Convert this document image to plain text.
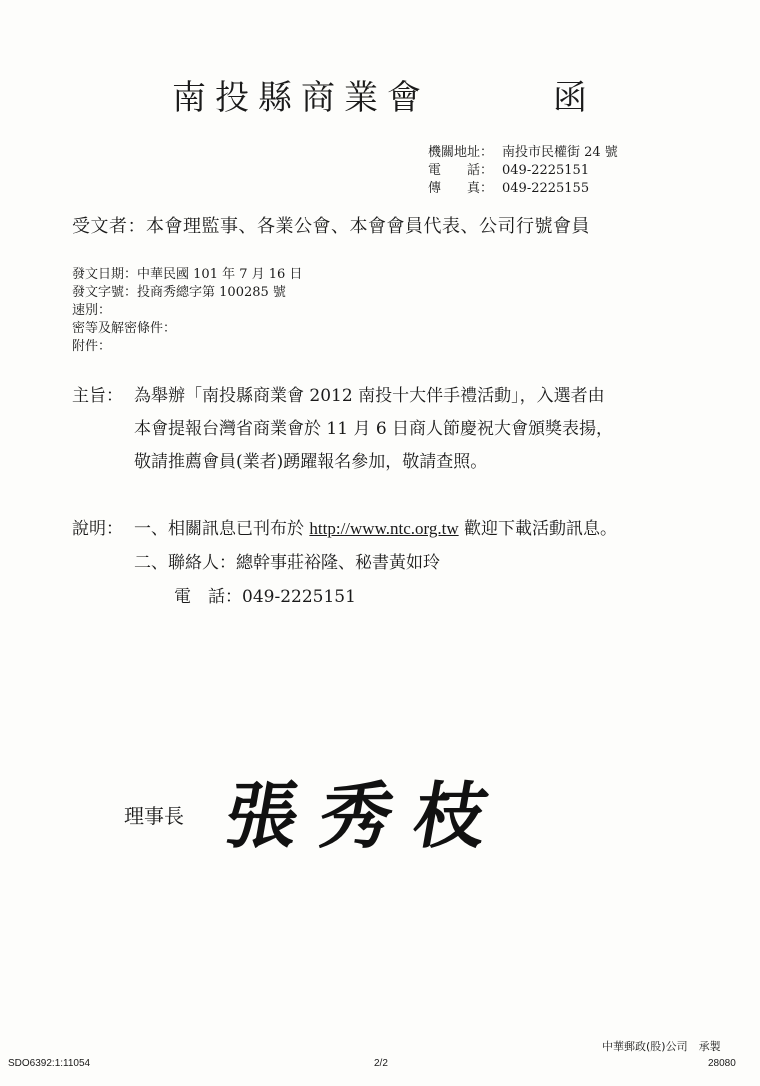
南投縣商業會	函
機關地址： 南投市民權街 24 號
電　　話： 049-2225151
傳　　真： 049-2225155
受文者：本會理監事、各業公會、本會會員代表、公司行號會員
發文日期：中華民國 101 年 7 月 16 日
發文字號：投商秀總字第 100285 號
速別：
密等及解密條件：
附件：
主旨： 為舉辦「南投縣商業會 2012 南投十大伴手禮活動」，入選者由
本會提報台灣省商業會於 11 月 6 日商人節慶祝大會頒獎表揚，
敬請推薦會員(業者)踴躍報名參加，敬請查照。
說明： 一、相關訊息已刊布於 http://www.ntc.org.tw 歡迎下載活動訊息。
二、聯絡人：總幹事莊裕隆、秘書黃如玲
電　話：049-2225151
理事長 張秀枝
中華郵政(股)公司　承製
SDO6392:1:11054	2/2	28080
